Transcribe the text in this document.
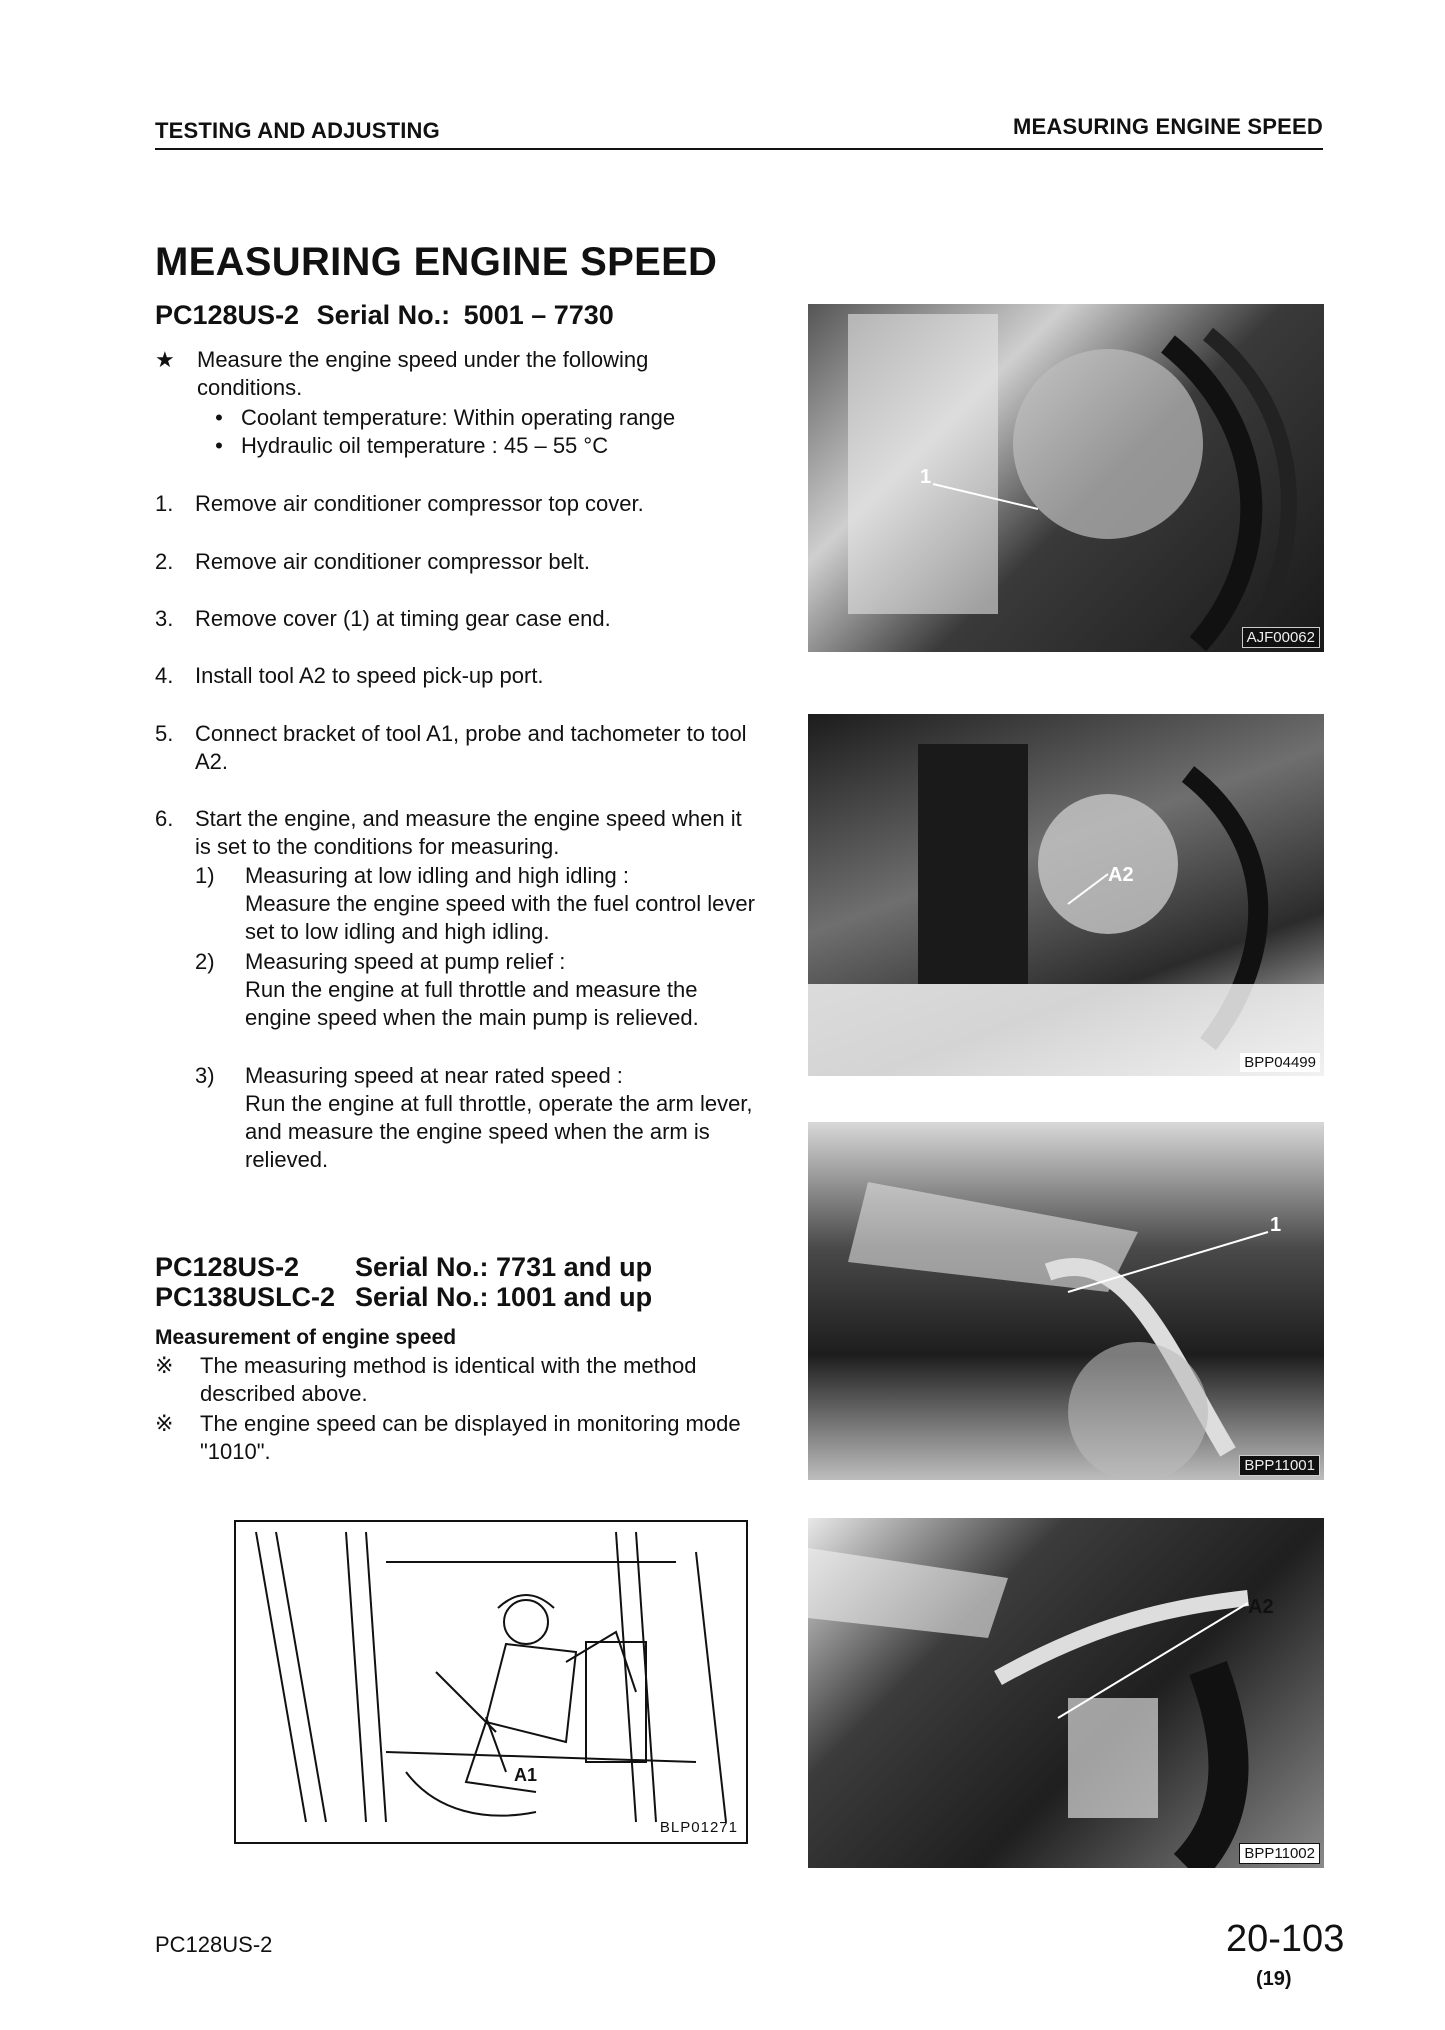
TESTING AND ADJUSTING	MEASURING ENGINE SPEED
MEASURING ENGINE SPEED
PC128US-2 Serial No.: 5001 – 7730
★	Measure the engine speed under the following conditions.
• Coolant temperature: Within operating range
• Hydraulic oil temperature : 45 – 55 °C
1. Remove air conditioner compressor top cover.
2. Remove air conditioner compressor belt.
3. Remove cover (1) at timing gear case end.
4. Install tool A2 to speed pick-up port.
5. Connect bracket of tool A1, probe and tachometer to tool A2.
6. Start the engine, and measure the engine speed when it is set to the conditions for measuring.
1)	Measuring at low idling and high idling :
Measure the engine speed with the fuel control lever set to low idling and high idling.
2)	Measuring speed at pump relief :
Run the engine at full throttle and measure the engine speed when the main pump is relieved.
3)	Measuring speed at near rated speed :
Run the engine at full throttle, operate the arm lever, and measure the engine speed when the arm is relieved.
PC128US-2	Serial No.: 7731 and up
PC138USLC-2 Serial No.: 1001 and up
Measurement of engine speed
※	The measuring method is identical with the method described above.
※	The engine speed can be displayed in monitoring mode "1010".
1
AJF00062
A2
BPP04499
1
BPP11001
A2
BPP11002
A1
BLP01271
PC128US-2	20-103
(19)
